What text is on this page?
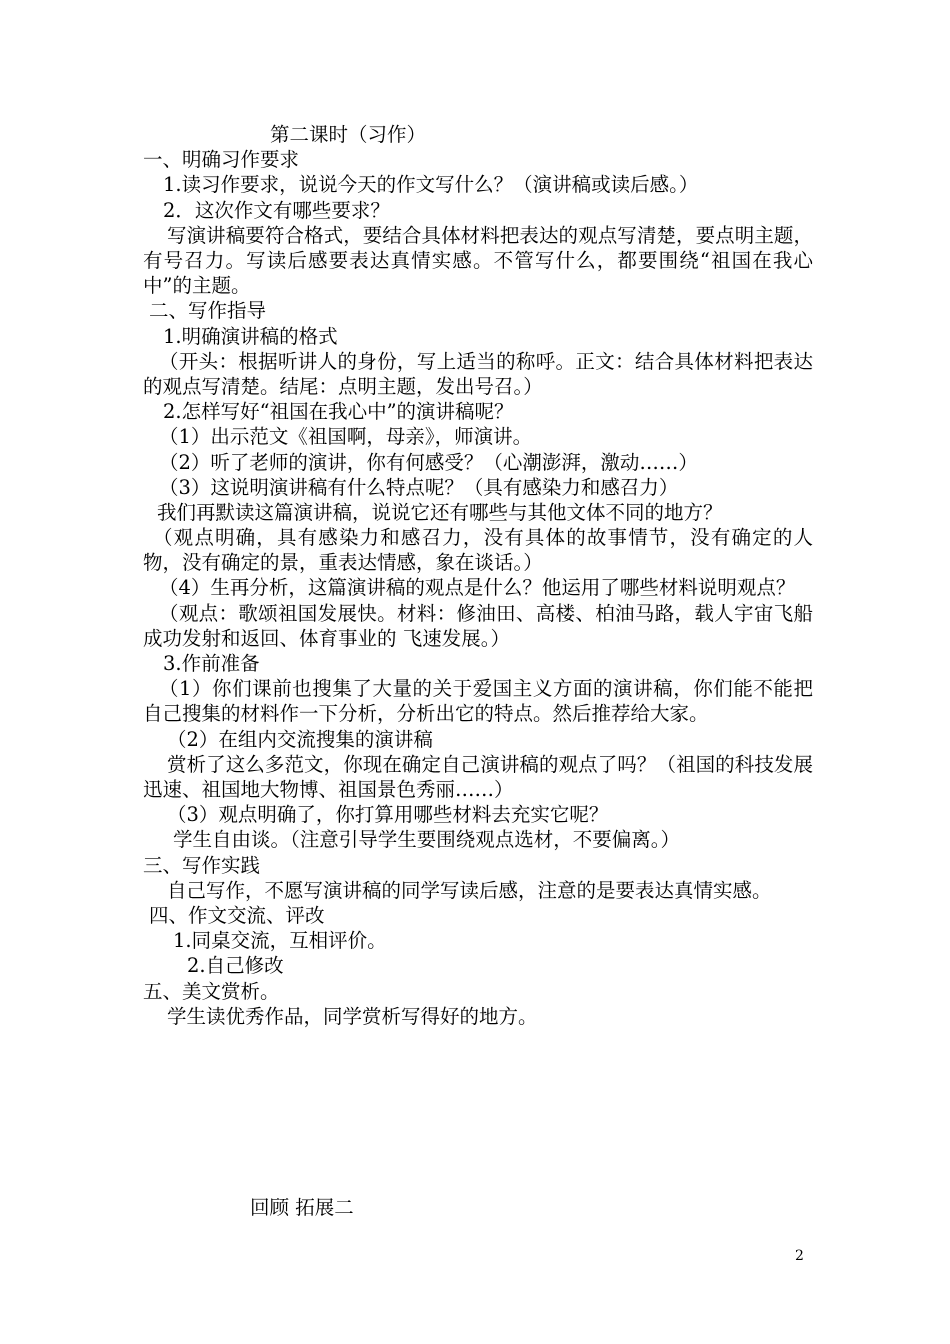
第二课时（习作）
一、明确习作要求
1.读习作要求，说说今天的作文写什么？（演讲稿或读后感。）
2．这次作文有哪些要求？
写演讲稿要符合格式，要结合具体材料把表达的观点写清楚，要点明主题，有号召力。写读后感要表达真情实感。不管写什么，都要围绕“祖国在我心中”的主题。
二、写作指导
1.明确演讲稿的格式
（开头：根据听讲人的身份，写上适当的称呼。正文：结合具体材料把表达的观点写清楚。结尾：点明主题，发出号召。）
2.怎样写好“祖国在我心中”的演讲稿呢？
（1）出示范文《祖国啊，母亲》，师演讲。
（2）听了老师的演讲，你有何感受？（心潮澎湃，激动……）
（3）这说明演讲稿有什么特点呢？（具有感染力和感召力）
我们再默读这篇演讲稿，说说它还有哪些与其他文体不同的地方？
（观点明确，具有感染力和感召力，没有具体的故事情节，没有确定的人物，没有确定的景，重表达情感，象在谈话。）
（4）生再分析，这篇演讲稿的观点是什么？他运用了哪些材料说明观点？
（观点：歌颂祖国发展快。材料：修油田、高楼、柏油马路，载人宇宙飞船成功发射和返回、体育事业的 飞速发展。）
3.作前准备
（1）你们课前也搜集了大量的关于爱国主义方面的演讲稿，你们能不能把自己搜集的材料作一下分析，分析出它的特点。然后推荐给大家。
（2）在组内交流搜集的演讲稿
赏析了这么多范文，你现在确定自己演讲稿的观点了吗？（祖国的科技发展迅速、祖国地大物博、祖国景色秀丽……）
（3）观点明确了，你打算用哪些材料去充实它呢？
学生自由谈。（注意引导学生要围绕观点选材，不要偏离。）
三、写作实践
自己写作，不愿写演讲稿的同学写读后感，注意的是要表达真情实感。
四、作文交流、评改
1.同桌交流，互相评价。
2.自己修改
五、美文赏析。
学生读优秀作品，同学赏析写得好的地方。
回顾 拓展二
2
